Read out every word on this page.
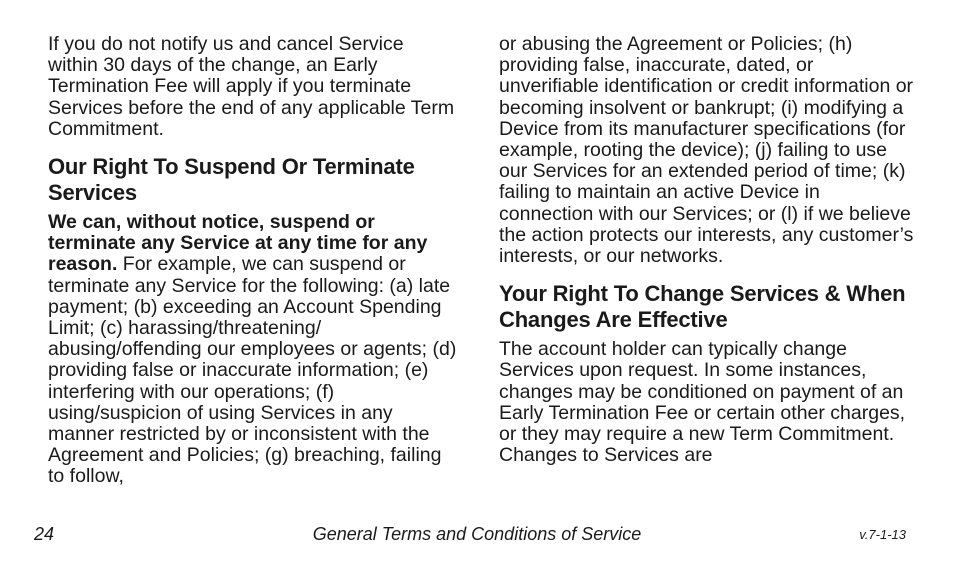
If you do not notify us and cancel Service within 30 days of the change, an Early Termination Fee will apply if you terminate Services before the end of any applicable Term Commitment.

Our Right To Suspend Or Terminate Services

We can, without notice, suspend or terminate any Service at any time for any reason. For example, we can suspend or terminate any Service for the following: (a) late payment; (b) exceeding an Account Spending Limit; (c) harassing/threatening/ abusing/offending our employees or agents; (d) providing false or inaccurate information; (e) interfering with our operations; (f) using/suspicion of using Services in any manner restricted by or inconsistent with the Agreement and Policies; (g) breaching, failing to follow,

or abusing the Agreement or Policies; (h) providing false, inaccurate, dated, or unverifiable identification or credit information or becoming insolvent or bankrupt; (i) modifying a Device from its manufacturer specifications (for example, rooting the device); (j) failing to use our Services for an extended period of time; (k) failing to maintain an active Device in connection with our Services; or (l) if we believe the action protects our interests, any customer’s interests, or our networks.

Your Right To Change Services & When Changes Are Effective

The account holder can typically change Services upon request. In some instances, changes may be conditioned on payment of an Early Termination Fee or certain other charges, or they may require a new Term Commitment. Changes to Services are

24	General Terms and Conditions of Service	v.7-1-13
